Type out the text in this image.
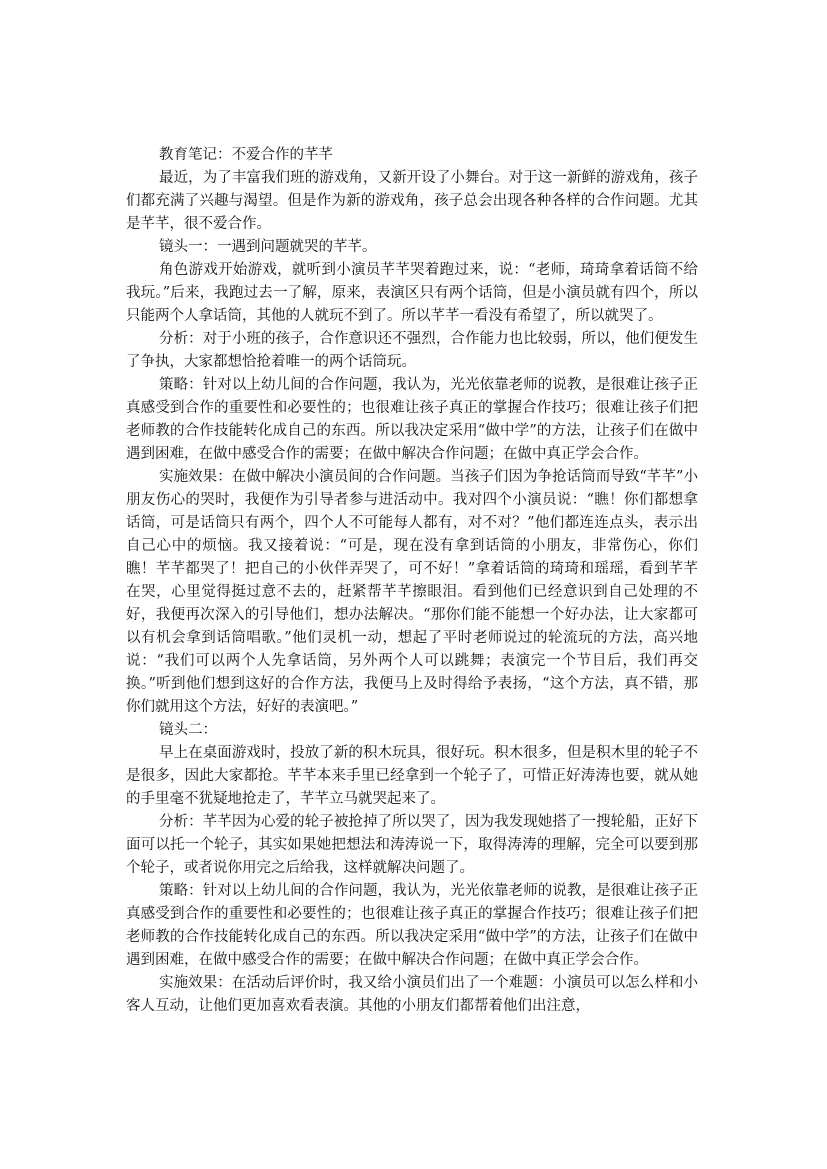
教育笔记：不爱合作的芊芊

最近，为了丰富我们班的游戏角，又新开设了小舞台。对于这一新鲜的游戏角，孩子们都充满了兴趣与渴望。但是作为新的游戏角，孩子总会出现各种各样的合作问题。尤其是芊芊，很不爱合作。

镜头一：一遇到问题就哭的芊芊。

角色游戏开始游戏，就听到小演员芊芊哭着跑过来，说：“老师，琦琦拿着话筒不给我玩。”后来，我跑过去一了解，原来，表演区只有两个话筒，但是小演员就有四个，所以只能两个人拿话筒，其他的人就玩不到了。所以芊芊一看没有希望了，所以就哭了。

分析：对于小班的孩子，合作意识还不强烈，合作能力也比较弱，所以，他们便发生了争执，大家都想恰抢着唯一的两个话筒玩。

策略：针对以上幼儿间的合作问题，我认为，光光依靠老师的说教，是很难让孩子正真感受到合作的重要性和必要性的；也很难让孩子真正的掌握合作技巧；很难让孩子们把老师教的合作技能转化成自己的东西。所以我决定采用“做中学”的方法，让孩子们在做中遇到困难，在做中感受合作的需要；在做中解决合作问题；在做中真正学会合作。

实施效果：在做中解决小演员间的合作问题。当孩子们因为争抢话筒而导致“芊芊”小朋友伤心的哭时，我便作为引导者参与进活动中。我对四个小演员说：“瞧！你们都想拿话筒，可是话筒只有两个，四个人不可能每人都有，对不对？”他们都连连点头，表示出自己心中的烦恼。我又接着说：“可是，现在没有拿到话筒的小朋友，非常伤心，你们瞧！芊芊都哭了！把自己的小伙伴弄哭了，可不好！”拿着话筒的琦琦和瑶瑶，看到芊芊在哭，心里觉得挺过意不去的，赶紧帮芊芊擦眼泪。看到他们已经意识到自己处理的不好，我便再次深入的引导他们，想办法解决。“那你们能不能想一个好办法，让大家都可以有机会拿到话筒唱歌。”他们灵机一动，想起了平时老师说过的轮流玩的方法，高兴地说：“我们可以两个人先拿话筒，另外两个人可以跳舞；表演完一个节目后，我们再交换。”听到他们想到这好的合作方法，我便马上及时得给予表扬，“这个方法，真不错，那你们就用这个方法，好好的表演吧。”

镜头二：

早上在桌面游戏时，投放了新的积木玩具，很好玩。积木很多，但是积木里的轮子不是很多，因此大家都抢。芊芊本来手里已经拿到一个轮子了，可惜正好涛涛也要，就从她的手里毫不犹疑地抢走了，芊芊立马就哭起来了。

分析：芊芊因为心爱的轮子被抢掉了所以哭了，因为我发现她搭了一搜轮船，正好下面可以托一个轮子，其实如果她把想法和涛涛说一下，取得涛涛的理解，完全可以要到那个轮子，或者说你用完之后给我，这样就解决问题了。

策略：针对以上幼儿间的合作问题，我认为，光光依靠老师的说教，是很难让孩子正真感受到合作的重要性和必要性的；也很难让孩子真正的掌握合作技巧；很难让孩子们把老师教的合作技能转化成自己的东西。所以我决定采用“做中学”的方法，让孩子们在做中遇到困难，在做中感受合作的需要；在做中解决合作问题；在做中真正学会合作。

实施效果：在活动后评价时，我又给小演员们出了一个难题：小演员可以怎么样和小客人互动，让他们更加喜欢看表演。其他的小朋友们都帮着他们出注意，
